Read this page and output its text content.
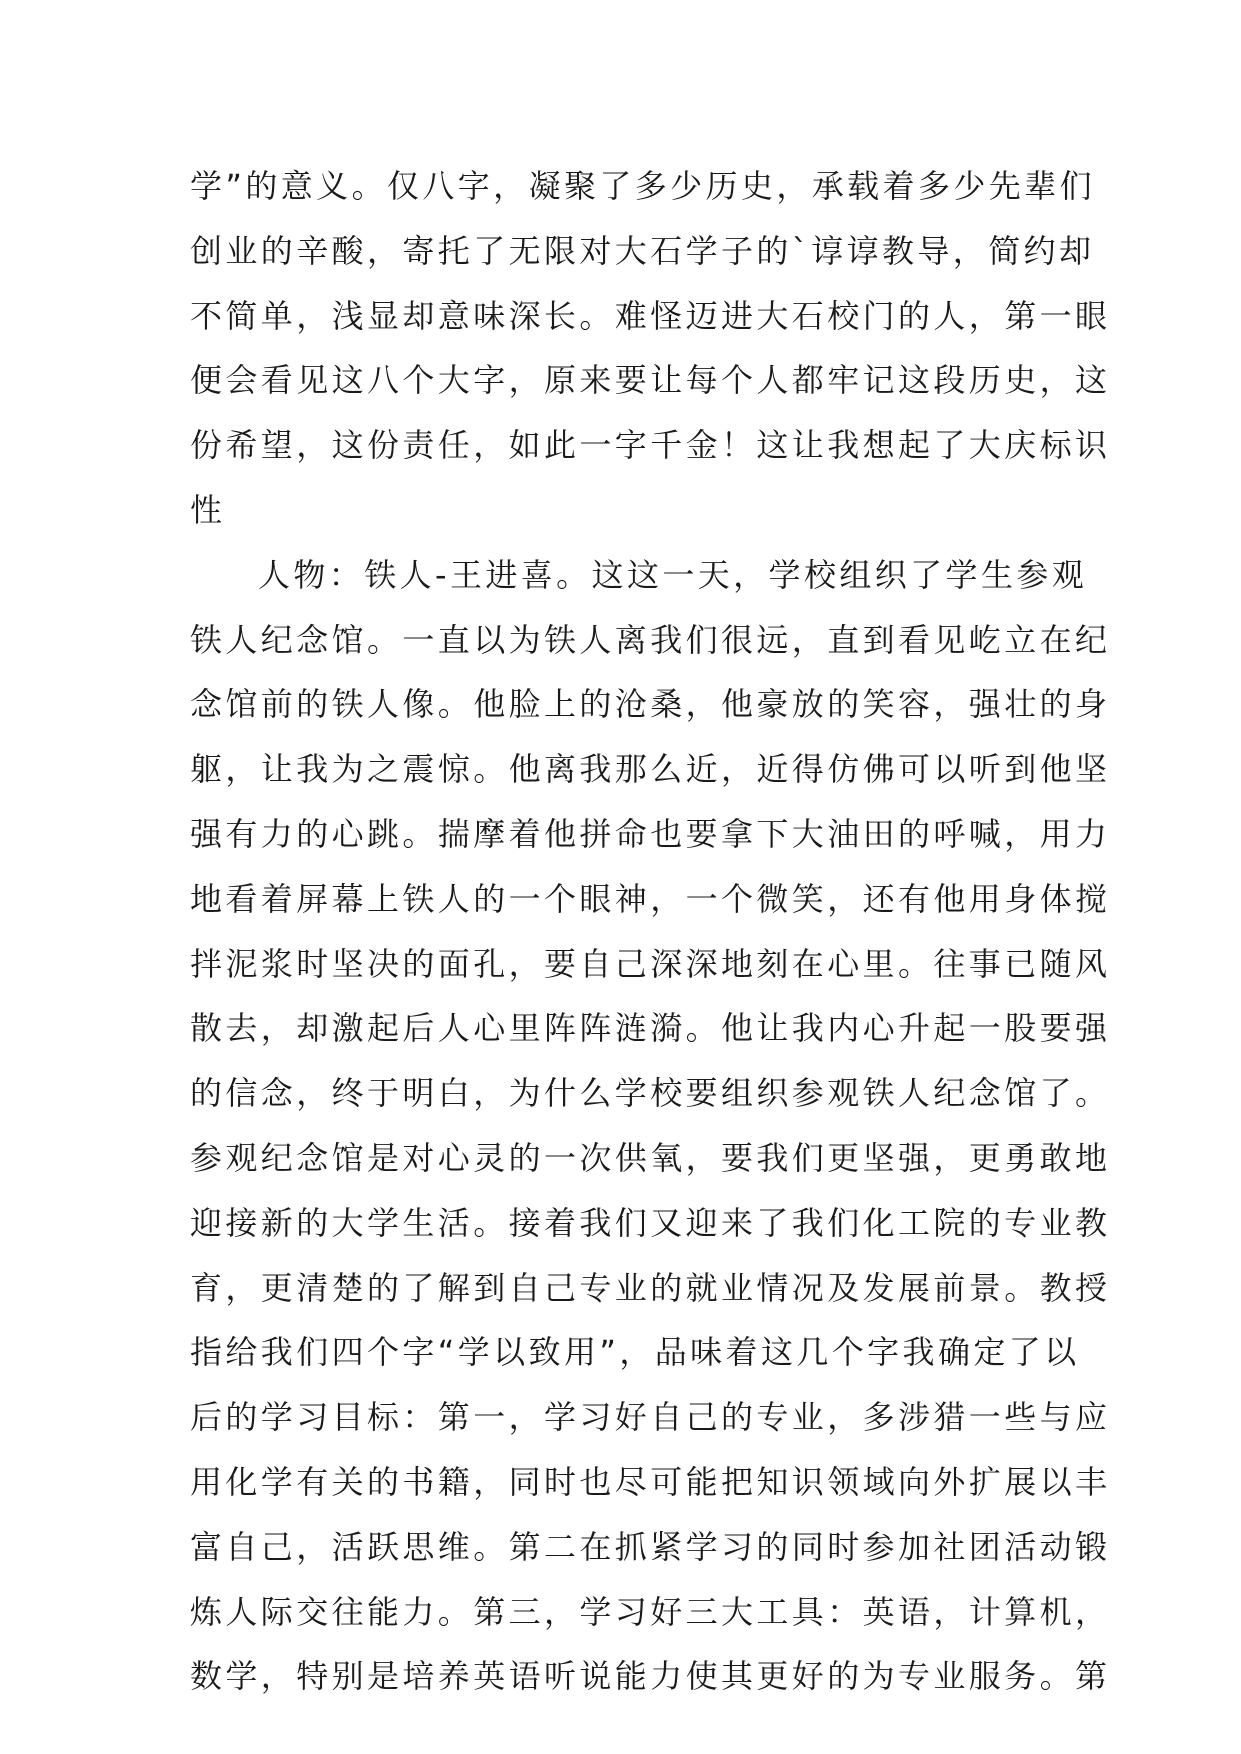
学”的意义。仅八字，凝聚了多少历史，承载着多少先辈们
创业的辛酸，寄托了无限对大石学子的`谆谆教导，简约却
不简单，浅显却意味深长。难怪迈进大石校门的人，第一眼
便会看见这八个大字，原来要让每个人都牢记这段历史，这
份希望，这份责任，如此一字千金！这让我想起了大庆标识
性
人物：铁人-王进喜。这这一天，学校组织了学生参观
铁人纪念馆。一直以为铁人离我们很远，直到看见屹立在纪
念馆前的铁人像。他脸上的沧桑，他豪放的笑容，强壮的身
躯，让我为之震惊。他离我那么近，近得仿佛可以听到他坚
强有力的心跳。揣摩着他拼命也要拿下大油田的呼喊，用力
地看着屏幕上铁人的一个眼神，一个微笑，还有他用身体搅
拌泥浆时坚决的面孔，要自己深深地刻在心里。往事已随风
散去，却激起后人心里阵阵涟漪。他让我内心升起一股要强
的信念，终于明白，为什么学校要组织参观铁人纪念馆了。
参观纪念馆是对心灵的一次供氧，要我们更坚强，更勇敢地
迎接新的大学生活。接着我们又迎来了我们化工院的专业教
育，更清楚的了解到自己专业的就业情况及发展前景。教授
指给我们四个字“学以致用”，品味着这几个字我确定了以
后的学习目标：第一，学习好自己的专业，多涉猎一些与应
用化学有关的书籍，同时也尽可能把知识领域向外扩展以丰
富自己，活跃思维。第二在抓紧学习的同时参加社团活动锻
炼人际交往能力。第三，学习好三大工具：英语，计算机，
数学，特别是培养英语听说能力使其更好的为专业服务。第
